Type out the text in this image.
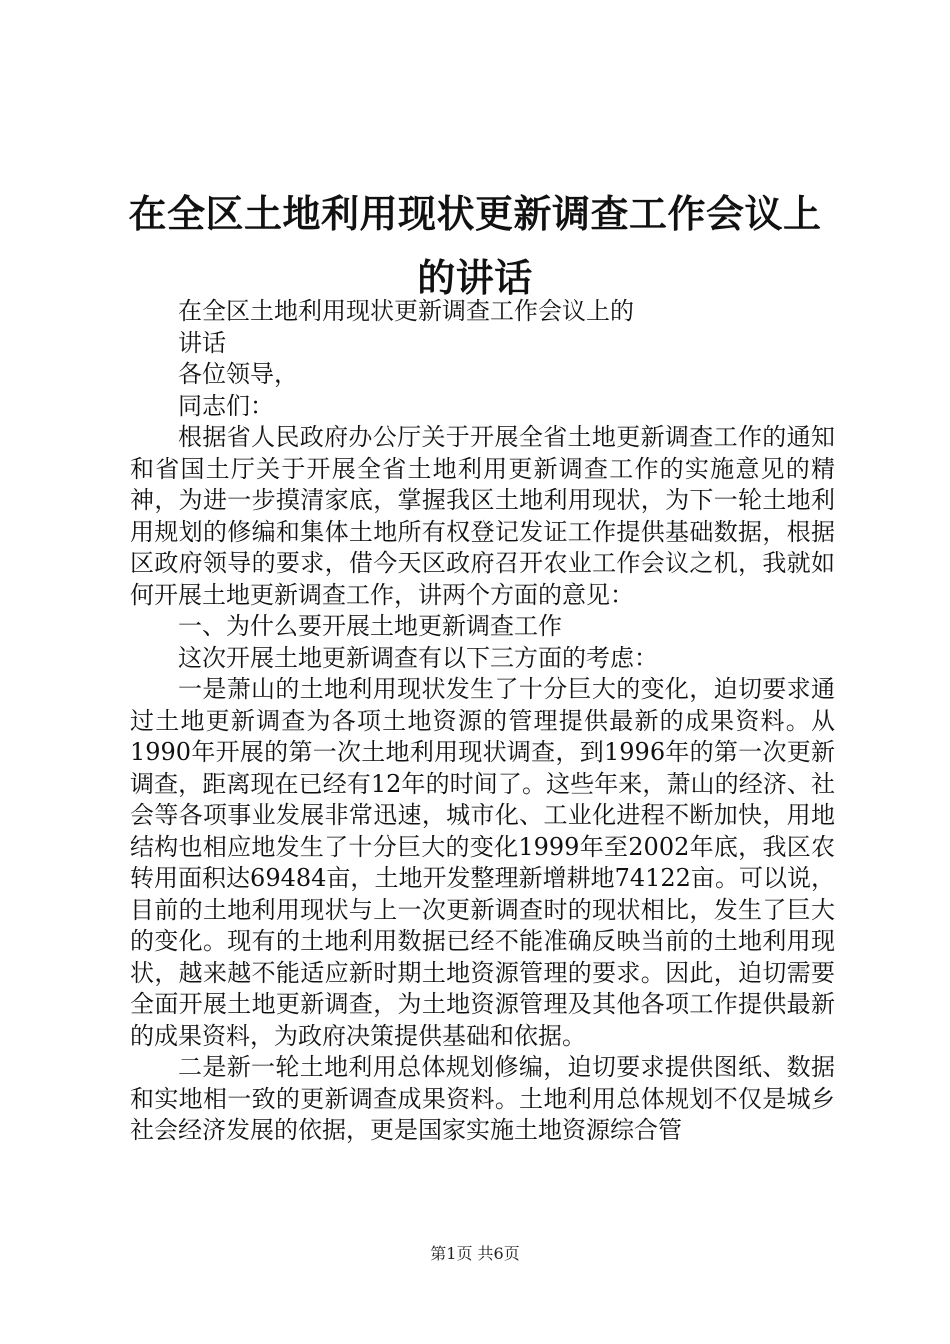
在全区土地利用现状更新调查工作会议上的讲话
在全区土地利用现状更新调查工作会议上的
讲话
各位领导，
同志们：

根据省人民政府办公厅关于开展全省土地更新调查工作的通知和省国土厅关于开展全省土地利用更新调查工作的实施意见的精神，为进一步摸清家底，掌握我区土地利用现状，为下一轮土地利用规划的修编和集体土地所有权登记发证工作提供基础数据，根据区政府领导的要求，借今天区政府召开农业工作会议之机，我就如何开展土地更新调查工作，讲两个方面的意见：

一、为什么要开展土地更新调查工作

这次开展土地更新调查有以下三方面的考虑：

一是萧山的土地利用现状发生了十分巨大的变化，迫切要求通过土地更新调查为各项土地资源的管理提供最新的成果资料。从1990年开展的第一次土地利用现状调查，到1996年的第一次更新调查，距离现在已经有12年的时间了。这些年来，萧山的经济、社会等各项事业发展非常迅速，城市化、工业化进程不断加快，用地结构也相应地发生了十分巨大的变化1999年至2002年底，我区农转用面积达69484亩，土地开发整理新增耕地74122亩。可以说，目前的土地利用现状与上一次更新调查时的现状相比，发生了巨大的变化。现有的土地利用数据已经不能准确反映当前的土地利用现状，越来越不能适应新时期土地资源管理的要求。因此，迫切需要全面开展土地更新调查，为土地资源管理及其他各项工作提供最新的成果资料，为政府决策提供基础和依据。

二是新一轮土地利用总体规划修编，迫切要求提供图纸、数据和实地相一致的更新调查成果资料。土地利用总体规划不仅是城乡社会经济发展的依据，更是国家实施土地资源综合管

第1页 共6页
